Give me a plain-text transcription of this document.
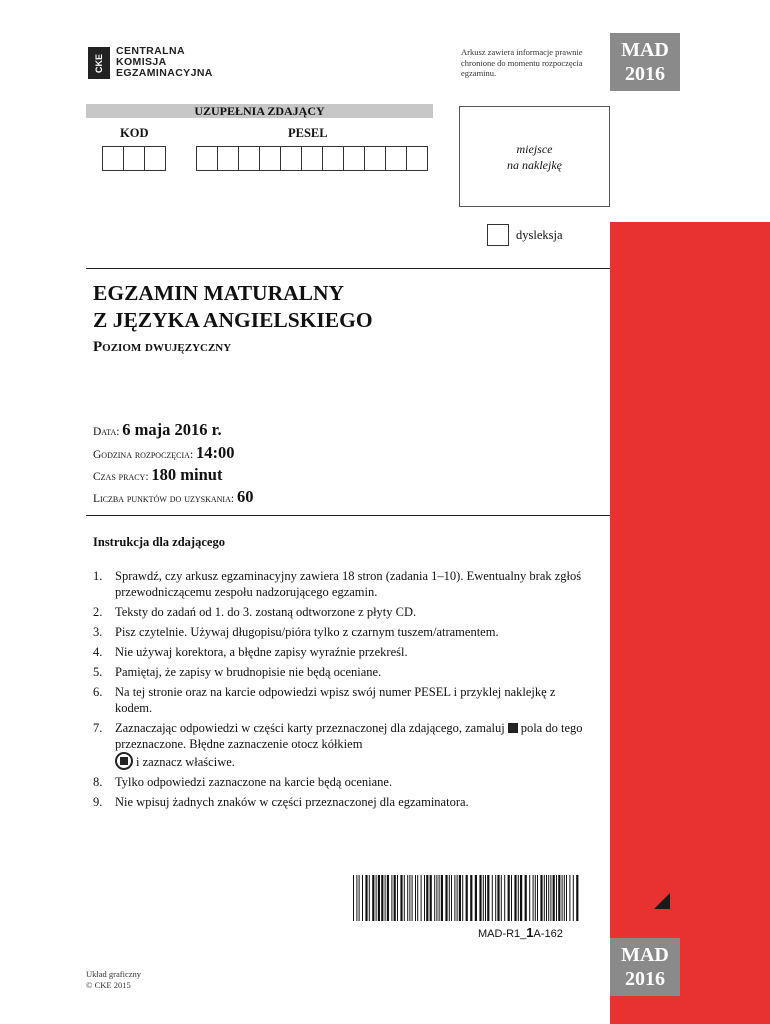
MAD
2016
MAD
2016
CKE
CENTRALNA
KOMISJA
EGZAMINACYJNA
Arkusz zawiera informacje prawnie chronione do momentu rozpoczęcia egzaminu.
UZUPEŁNIA ZDAJĄCY
KOD	PESEL
miejsce
na naklejkę
dysleksja
EGZAMIN MATURALNY
Z JĘZYKA ANGIELSKIEGO
Poziom dwujęzyczny
Data: 6 maja 2016 r.
Godzina rozpoczęcia: 14:00
Czas pracy: 180 minut
Liczba punktów do uzyskania: 60
Instrukcja dla zdającego
1.	Sprawdź, czy arkusz egzaminacyjny zawiera 18 stron (zadania 1–10). Ewentualny brak zgłoś przewodniczącemu zespołu nadzorującego egzamin.
2.	Teksty do zadań od 1. do 3. zostaną odtworzone z płyty CD.
3.	Pisz czytelnie. Używaj długopisu/pióra tylko z czarnym tuszem/atramentem.
4.	Nie używaj korektora, a błędne zapisy wyraźnie przekreśl.
5.	Pamiętaj, że zapisy w brudnopisie nie będą oceniane.
6.	Na tej stronie oraz na karcie odpowiedzi wpisz swój numer PESEL i przyklej naklejkę z kodem.
7.	Zaznaczając odpowiedzi w części karty przeznaczonej dla zdającego, zamaluj pola do tego przeznaczone. Błędne zaznaczenie otocz kółkiem
i zaznacz właściwe.
8.	Tylko odpowiedzi zaznaczone na karcie będą oceniane.
9.	Nie wpisuj żadnych znaków w części przeznaczonej dla egzaminatora.
MAD-R1_1A-162
Układ graficzny
© CKE 2015
